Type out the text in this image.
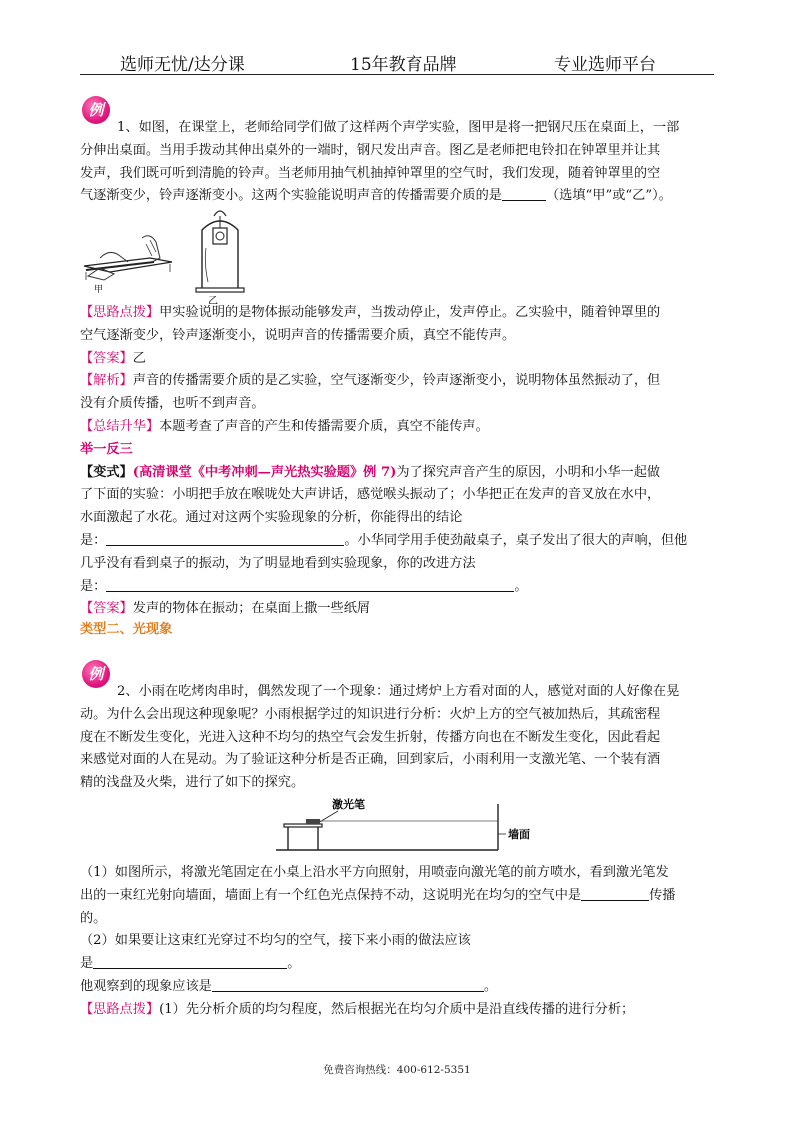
选师无忧/达分课	15年教育品牌	专业选师平台
例
1、如图，在课堂上，老师给同学们做了这样两个声学实验，图甲是将一把钢尺压在桌面上，一部
分伸出桌面。当用手拨动其伸出桌外的一端时，钢尺发出声音。图乙是老师把电铃扣在钟罩里并让其
发声，我们既可听到清脆的铃声。当老师用抽气机抽掉钟罩里的空气时，我们发现，随着钟罩里的空
气逐渐变少，铃声逐渐变小。这两个实验能说明声音的传播需要介质的是	（选填“甲”或“乙”）。
甲
乙
【思路点拨】甲实验说明的是物体振动能够发声，当拨动停止，发声停止。乙实验中，随着钟罩里的
空气逐渐变少，铃声逐渐变小，说明声音的传播需要介质，真空不能传声。
【答案】乙
【解析】声音的传播需要介质的是乙实验，空气逐渐变少，铃声逐渐变小，说明物体虽然振动了，但
没有介质传播，也听不到声音。
【总结升华】本题考查了声音的产生和传播需要介质，真空不能传声。
举一反三
【变式】(高清课堂《中考冲刺—声光热实验题》例 7)为了探究声音产生的原因，小明和小华一起做
了下面的实验：小明把手放在喉咙处大声讲话，感觉喉头振动了；小华把正在发声的音叉放在水中，
水面激起了水花。通过对这两个实验现象的分析，你能得出的结论
是：	。小华同学用手使劲敲桌子，桌子发出了很大的声响，但他
几乎没有看到桌子的振动，为了明显地看到实验现象，你的改进方法
是：	。
【答案】发声的物体在振动；在桌面上撒一些纸屑
类型二、光现象
例
2、小雨在吃烤肉串时，偶然发现了一个现象：通过烤炉上方看对面的人，感觉对面的人好像在晃
动。为什么会出现这种现象呢？小雨根据学过的知识进行分析：火炉上方的空气被加热后，其疏密程
度在不断发生变化，光进入这种不均匀的热空气会发生折射，传播方向也在不断发生变化，因此看起
来感觉对面的人在晃动。为了验证这种分析是否正确，回到家后，小雨利用一支激光笔、一个装有酒
精的浅盘及火柴，进行了如下的探究。
激光笔
墙面
（1）如图所示，将激光笔固定在小桌上沿水平方向照射，用喷壶向激光笔的前方喷水，看到激光笔发
出的一束红光射向墙面，墙面上有一个红色光点保持不动，这说明光在均匀的空气中是	传播
的。
（2）如果要让这束红光穿过不均匀的空气，接下来小雨的做法应该
是	。
他观察到的现象应该是	。
【思路点拨】(1）先分析介质的均匀程度，然后根据光在均匀介质中是沿直线传播的进行分析；
免费咨询热线：400-612-5351
